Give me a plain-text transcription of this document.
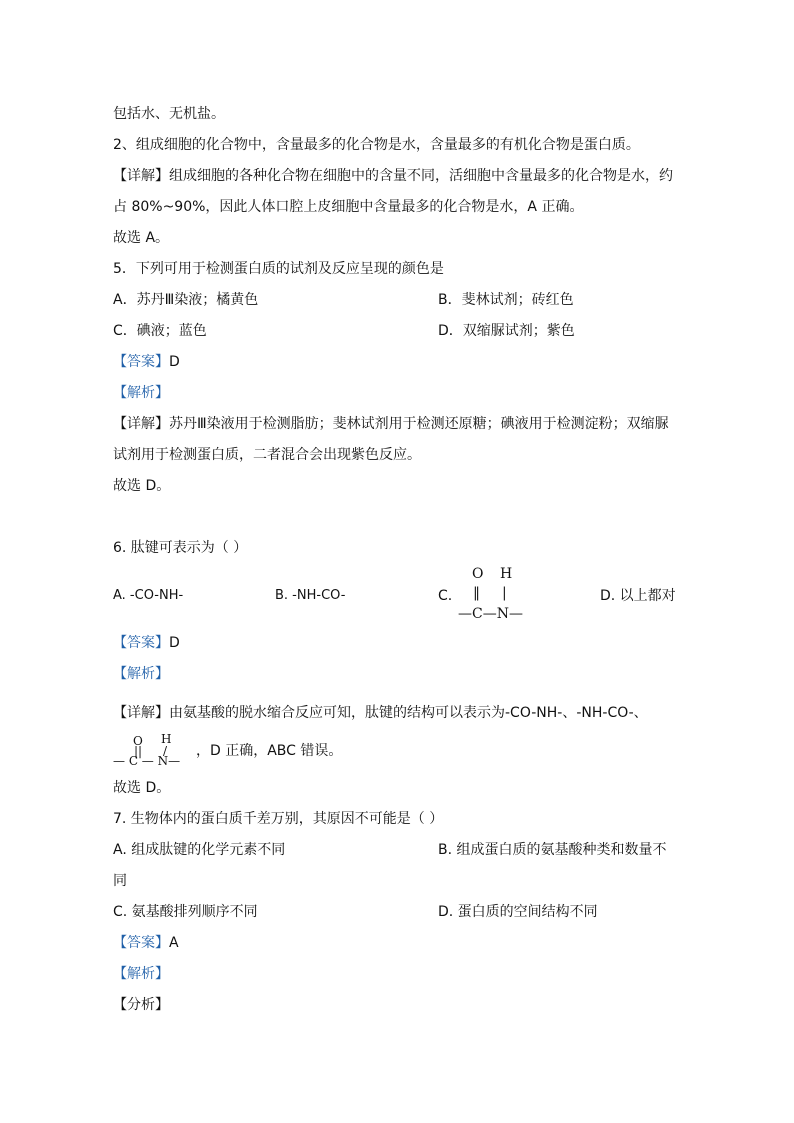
包括水、无机盐。
2、组成细胞的化合物中，含量最多的化合物是水，含量最多的有机化合物是蛋白质。
【详解】组成细胞的各种化合物在细胞中的含量不同，活细胞中含量最多的化合物是水，约
占 80%~90%，因此人体口腔上皮细胞中含量最多的化合物是水，A 正确。
故选 A。
5．下列可用于检测蛋白质的试剂及反应呈现的颜色是
A．苏丹Ⅲ染液；橘黄色	B．斐林试剂；砖红色
C．碘液；蓝色	D．双缩脲试剂；紫色
【答案】D
【解析】
【详解】苏丹Ⅲ染液用于检测脂肪；斐林试剂用于检测还原糖；碘液用于检测淀粉；双缩脲
试剂用于检测蛋白质，二者混合会出现紫色反应。
故选 D。
6. 肽键可表示为（ ）
A. -CO-NH-	B. -NH-CO-	C.
O H
‖ |
—C—N—
D. 以上都对
【答案】D
【解析】
【详解】由氨基酸的脱水缩合反应可知，肽键的结构可以表示为-CO-NH-、-NH-CO-、
O H
|| /
— C — N—
，D 正确，ABC 错误。
故选 D。
7. 生物体内的蛋白质千差万别，其原因不可能是（ ）
A. 组成肽键的化学元素不同	B. 组成蛋白质的氨基酸种类和数量不
同
C. 氨基酸排列顺序不同	D. 蛋白质的空间结构不同
【答案】A
【解析】
【分析】
